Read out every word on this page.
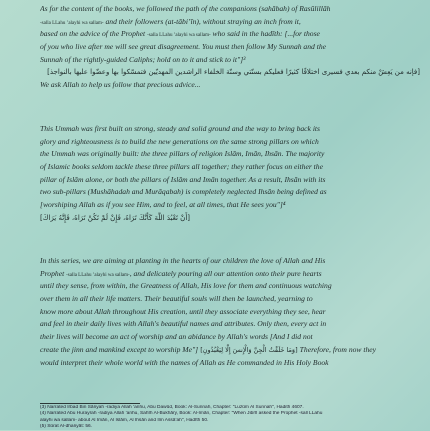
As for the content of the books, we followed the path of the companions (sahābah) of Rasūlillāh
-salla LLahu ‛alayhi wa sallam- and their followers (at-tābi‛īn), without straying an inch from it,
based on the advice of the Prophet -salla LLahu ‛alayhi wa sallam- who said in the hadīth: [...for those
of you who live after me will see great disagreement. You must then follow My Sunnah and the
Sunnah of the rightly-guided Caliphs; hold on to it and stick to it"]³
[فإنه من يَعِشْ منكم بعدي فسيرى اختلافًا كثيرًا فعليكم بسنّتي وسنّة الخلفاء الراشدين المهديّين فتمسّكوا بها وعضّوا عليها بالنواجذ]
We ask Allah to help us follow that precious advice...
This Ummah was first built on strong, steady and solid ground and the way to bring back its
glory and righteousness is to build the new generations on the same strong pillars on which
the Ummah was originally built: the three pillars of religion Islām, Imān, Ihsān. The majority
of Islamic books seldom tackle these three pillars all together; they rather focus on either the
pillar of Islām alone, or both the pillars of Islām and Imān together. As a result, Ihsān with its
two sub-pillars (Mushāhadah and Murāqabah) is completely neglected Ihsān being defined as
[worshiping Allah as if you see Him, and to feel, at all times, that He sees you"]⁴
[أَنْ تَعْبُدَ اللَّهَ كَأَنَّكَ تَرَاهُ، فَإِنْ لَمْ تَكُنْ تَرَاهُ، فَإِنَّهُ يَرَاكَ]
In this series, we are aiming at planting in the hearts of our children the love of Allah and His
Prophet -salla LLahu ‛alayhi wa sallam-, and delicately pouring all our attention onto their pure hearts
until they sense, from within, the Greatness of Allah, His love for them and continuous watching
over them in all their life matters. Their beautiful souls will then be launched, yearning to
know more about Allah throughout His creation, until they associate everything they see, hear
and feel in their daily lives with Allah's beautiful names and attributes. Only then, every act in
their lives will become an act of worship and an abidance by Allah's words [And I did not
create the jinn and mankind except to worship Me"] [وَمَا خَلَقْتُ الْجِنَّ وَالْإِنسَ إِلَّا لِيَعْبُدُونِ] Therefore, from now they
would interpret their whole world with the names of Allah as He commanded in His Holy Book
(3) Narrated Irbad Bin Sāriyah -radiya Allah ‛anhu, Abu Dawūd, Book: Al-Sunnah, Chapter: "Luzūm Al Sunnah", Hadith 4607.
(4) Narrated Abu Hurayrah -radiya Allah ‛anhu, Sahīh Al-Bukhāry, Book: Al-Imān, Chapter: "When Jibrīl asked the Prophet -sall LLahu
alayhi wa sallam- about Al Imān, Al Islām, Al Ihsān and Ilm Assā‛ah", Hadīth 50.
(5) Sūrat Al-dhariyāt: 56.
